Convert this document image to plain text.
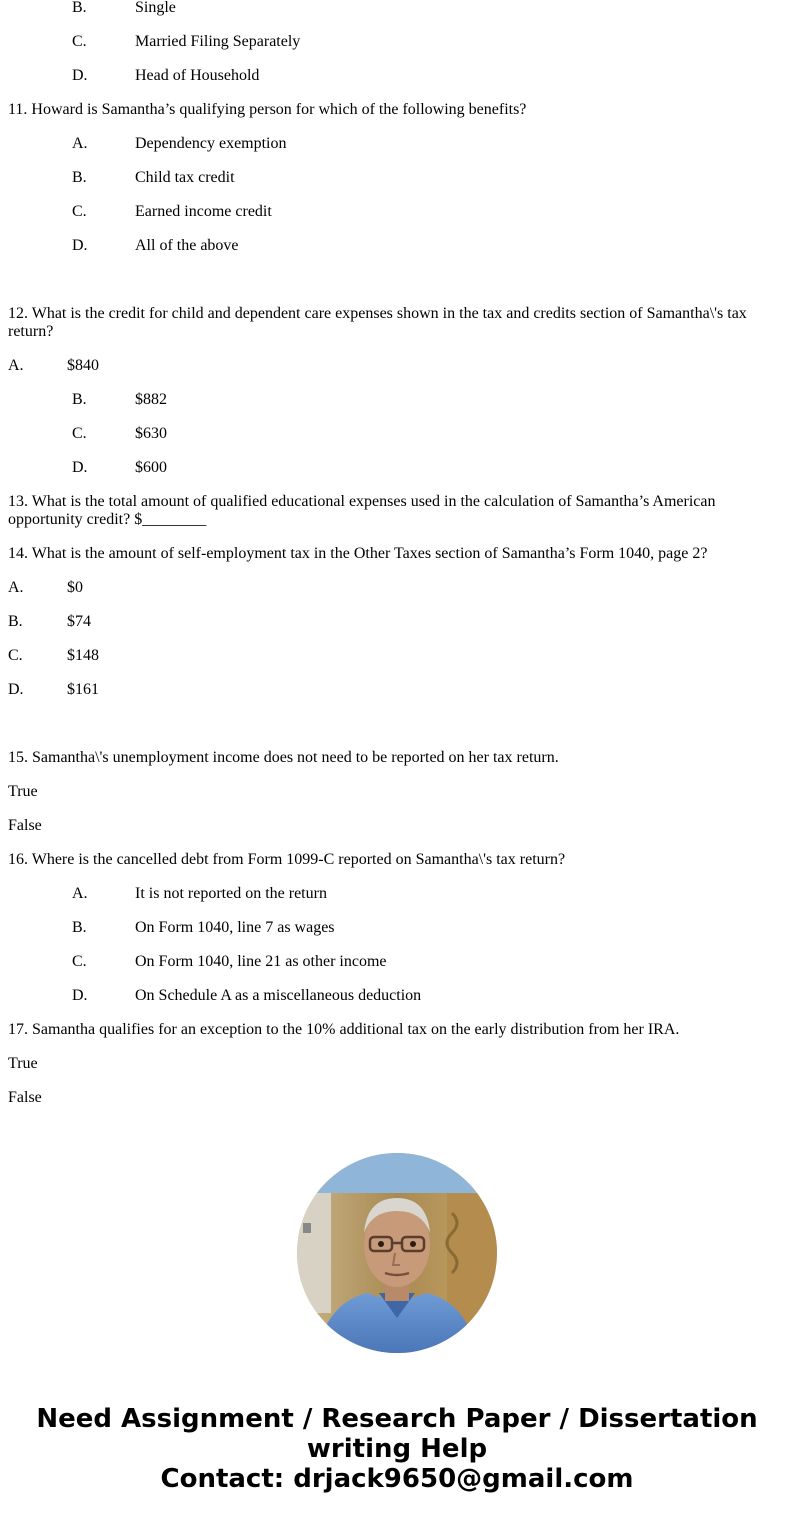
B.	Single
C.	Married Filing Separately
D.	Head of Household
11. Howard is Samantha’s qualifying person for which of the following benefits?
A.	Dependency exemption
B.	Child tax credit
C.	Earned income credit
D.	All of the above
12. What is the credit for child and dependent care expenses shown in the tax and credits section of Samantha\'s tax return?
A.	$840
B.	$882
C.	$630
D.	$600
13. What is the total amount of qualified educational expenses used in the calculation of Samantha’s American opportunity credit? $________
14. What is the amount of self-employment tax in the Other Taxes section of Samantha’s Form 1040, page 2?
A.	$0
B.	$74
C.	$148
D.	$161
15. Samantha\'s unemployment income does not need to be reported on her tax return.
True
False
16. Where is the cancelled debt from Form 1099-C reported on Samantha\'s tax return?
A.	It is not reported on the return
B.	On Form 1040, line 7 as wages
C.	On Form 1040, line 21 as other income
D.	On Schedule A as a miscellaneous deduction
17. Samantha qualifies for an exception to the 10% additional tax on the early distribution from her IRA.
True
False
Need Assignment / Research Paper / Dissertation
writing Help
Contact: drjack9650@gmail.com
